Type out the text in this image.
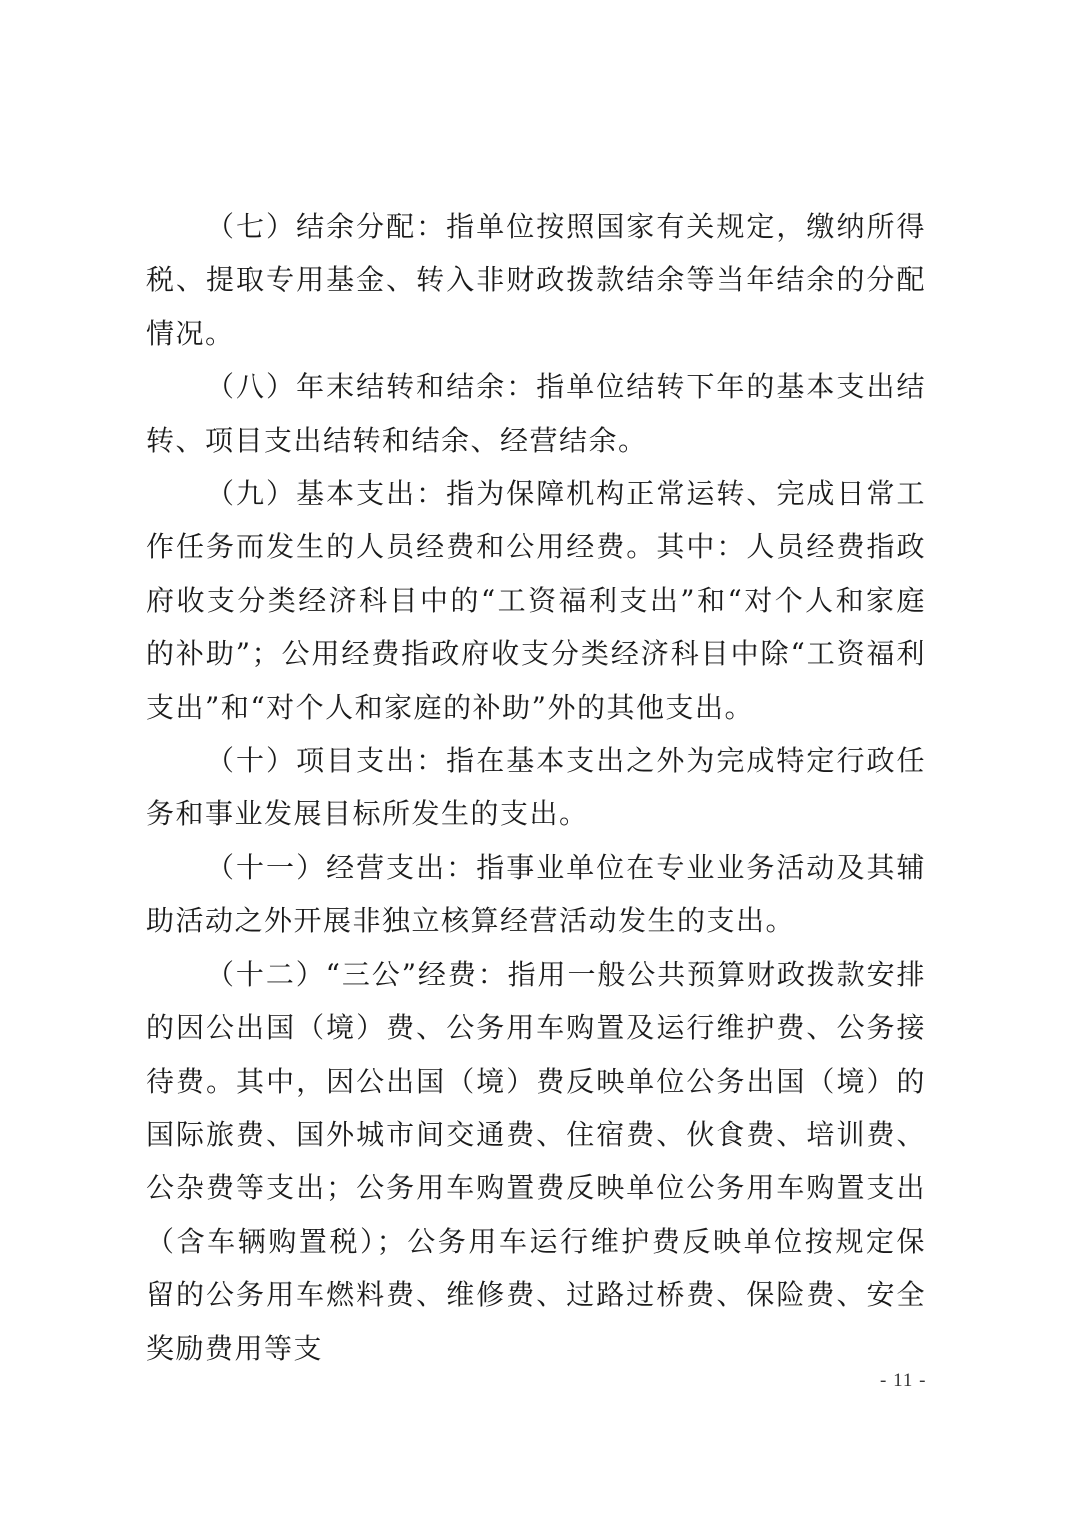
（七）结余分配：指单位按照国家有关规定，缴纳所得税、提取专用基金、转入非财政拨款结余等当年结余的分配情况。

（八）年末结转和结余：指单位结转下年的基本支出结转、项目支出结转和结余、经营结余。

（九）基本支出：指为保障机构正常运转、完成日常工作任务而发生的人员经费和公用经费。其中：人员经费指政府收支分类经济科目中的“工资福利支出”和“对个人和家庭的补助”；公用经费指政府收支分类经济科目中除“工资福利支出”和“对个人和家庭的补助”外的其他支出。

（十）项目支出：指在基本支出之外为完成特定行政任务和事业发展目标所发生的支出。

（十一）经营支出：指事业单位在专业业务活动及其辅助活动之外开展非独立核算经营活动发生的支出。

（十二）“三公”经费：指用一般公共预算财政拨款安排的因公出国（境）费、公务用车购置及运行维护费、公务接待费。其中，因公出国（境）费反映单位公务出国（境）的国际旅费、国外城市间交通费、住宿费、伙食费、培训费、公杂费等支出；公务用车购置费反映单位公务用车购置支出（含车辆购置税）；公务用车运行维护费反映单位按规定保留的公务用车燃料费、维修费、过路过桥费、保险费、安全奖励费用等支

- 11 -
